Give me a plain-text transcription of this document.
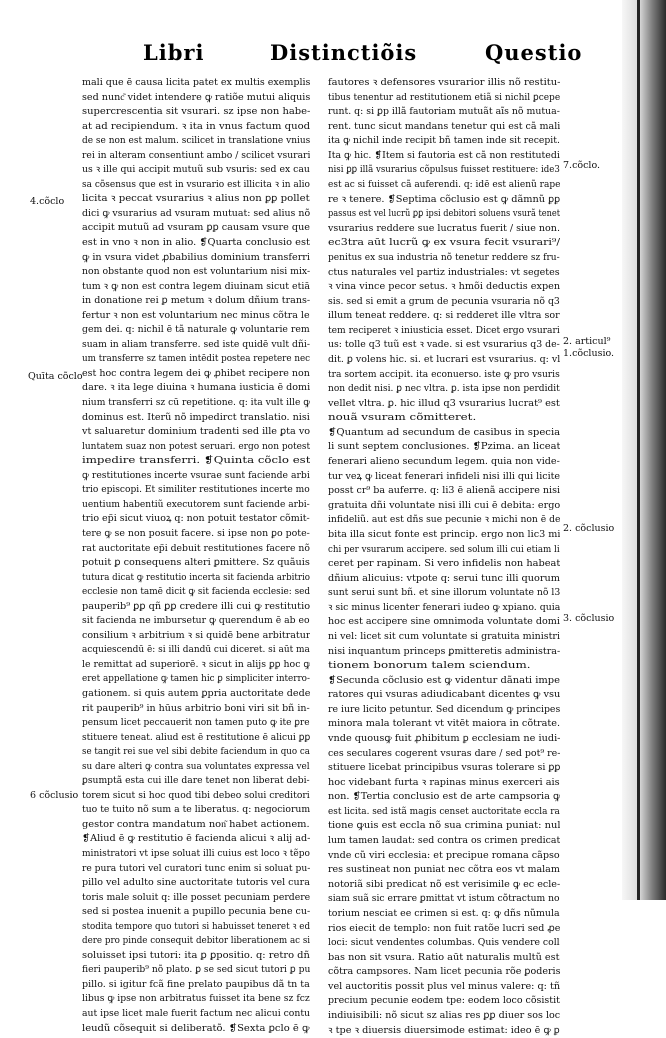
Libri	Distinctiõis	Questio
4.cõclo
Quīta cõclo
6 cõclusio
7.cõclo.
2. articul⁹
1.cõclusio.
2. cõclusio
3. cõclusio
mali que ē causa licita patet ex multis exemplis
sed nunc͂ videt intendere ꝙ ratiõe mutui aliquis
supercrescentia sit vsurari. sz ipse non habe-
at ad recipiendum. ꝛ ita in vnus factum quod
de se non est malum. scilicet in translatione vnius
rei in alteram consentiunt ambo / scilicet vsurari
us ꝛ ille qui accipit mutuũ sub vsuris: sed ex cau
sa cõsensus que est in vsurario est illicita ꝛ in alio
licita ꝛ peccat vsurarius ꝛ alius non ꝑꝑ pollet
dici ꝙ vsurarius ad vsuram mutuat: sed alius nõ
accipit mutuũ ad vsuram ꝑꝑ causam vsure que
est in vno ꝛ non in alio. ❡Quarta conclusio est
ꝙ in vsura videt ꝓbabilius dominium transferri
non obstante quod non est voluntarium nisi mix-
tum ꝛ ꝙ non est contra legem diuinam sicut etiā
in donatione rei ꝑ metum ꝛ dolum dñium trans-
fertur ꝛ non est voluntarium nec minus cõtra le
gem dei. q: nichil ē tã naturale ꝙ voluntarie rem
suam in aliam transferre. sed iste quidē vult dñi-
um transferre sz tamen intēdit postea repetere nec
est hoc contra legem dei ꝙ ꝓhibet recipere non
dare. ꝛ ita lege diuina ꝛ humana iusticia ē domi
nium transferri sz cū repetitione. q: ita vult ille ꝙ
dominus est. Iterũ nõ impedirct translatio. nisi
vt saluaretur dominium tradenti sed ille ꝑta vo
luntatem suaz non potest seruari. ergo non potest
impedire transferri. ❡Quinta cõclo est
ꝙ restitutiones incerte vsurae sunt faciende arbi
trio episcopi. Et similiter restitutiones incerte mo
uentium habentiũ executorem sunt faciende arbi-
trio ep̃i sicut viuoꝝ q: non potuit testator cõmit-
tere ꝙ se non posuit facere. si ipse non ꝑo pote-
rat auctoritate ep̃i debuit restitutiones facere nõ
potuit ꝑ consequens alteri ꝑmittere. Sz quãuis
tutura dicat ꝙ restitutio incerta sit facienda arbitrio
ecclesie non tamē dicit ꝙ sit facienda ecclesie: sed
pauperib⁹ ꝑꝑ qñ ꝑꝑ credere illi cui ꝙ restitutio
sit facienda ne imbursetur ꝙ querendum ē ab eo
consilium ꝛ arbitrium ꝛ si quidē bene arbitratur
acquiescendū ē: si illi dandū cui diceret. si aūt ma
le remittat ad superiorē. ꝛ sicut in alijs ꝑꝑ hoc ꝙ
eret appellatione ꝙ tamen hic ꝑ simpliciter interro-
gationem. si quis autem ꝑpria auctoritate dede
rit pauperib⁹ in hūus arbitrio boni viri sit bñ in-
pensum licet peccauerit non tamen puto ꝙ ite ꝑre
stituere teneat. aliud est ē restitutione ē alicui ꝑꝑ
se tangit rei sue vel sibi debite faciendum in quo ca
su dare alteri ꝙ contra sua voluntates expressa vel
ꝑsumptã esta cui ille dare tenet non liberat debi-
torem sicut si hoc quod tibi debeo solui creditori
tuo te tuito nõ sum a te liberatus. q: negociorum
gestor contra mandatum non͂ habet actionem.
❡Aliud ē ꝙ restitutio ē facienda alicui ꝛ alij ad-
ministratori vt ipse soluat illi cuius est loco ꝛ tẽpo
re pura tutori vel curatori tunc enim si soluat pu-
pillo vel adulto sine auctoritate tutoris vel cura
toris male soluit q: ille posset pecuniam perdere
sed si postea inuenit a pupillo pecunia bene cu-
stodita tempore quo tutori si habuisset teneret ꝛ ed
dere pro pinde consequit debitor liberationem ac si
soluisset ipsi tutori: ita ꝑ ꝑpositio. q: retro dñ
fieri pauperib⁹ nõ plato. ꝑ se sed sicut tutori ꝑ pu
pillo. si igitur fcã fine prelato paupibus dã tn ta
libus ꝙ ipse non arbitratus fuisset ita bene sz fcz
aut ipse licet male fuerit factum nec alicui contu
leudũ cõsequit si deliberatõ. ❡Sexta ꝑclo ē ꝙ
fautores ꝛ defensores vsurarior illis nõ restitu-
tibus tenentur ad restitutionem etiã si nichil ꝑcepe
runt. q: si ꝑp illã fautoriam mutuãt aĩs nõ mutua-
rent. tunc sicut mandans tenetur qui est cã mali
ita ꝙ nichil inde recipit bñ tamen inde sit recepit.
Ita ꝙ hic. ❡Item si fautoria est cã non restitutedi
nisi ꝑꝑ illã vsurarius cõpulsus fuisset restituere: ide3
est ac si fuisset cã auferendi. q: idē est alienũ rape
re ꝛ tenere. ❡Septima cõclusio est ꝙ dãmnũ ꝑꝑ
passus est vel lucrũ ꝑꝑ ipsi debitori soluens vsurã tenet
vsurarius reddere sue lucratus fuerit / siue non.
ec3tra aūt lucrũ ꝙ ex vsura fecit vsurari⁹/
penitus ex sua industria nõ tenetur reddere sz fru-
ctus naturales vel partiz industriales: vt segetes
ꝛ vina vince pecor setus. ꝛ hmõi deductis expen
sis. sed si emit a grum de pecunia vsuraria nõ q3
illum teneat reddere. q: si redderet ille vltra sor
tem reciperet ꝛ iniusticia esset. Dicet ergo vsurari
us: tolle q3 tuũ est ꝛ vade. si est vsurarius q3 de-
dit. ꝑ volens hic. si. et lucrari est vsurarius. q: vl
tra sortem accipit. ita econuerso. iste ꝙ pro vsuris
non dedit nisi. ꝑ nec vltra. ꝑ. ista ipse non perdidit
vellet vltra. ꝑ. hic illud q3 vsurarius lucrat⁹ est
nouã vsuram cõmitteret.
❡Quantum ad secundum de casibus in specia
li sunt septem conclusiones. ❡Pzima. an liceat
fenerari alieno secundum legem. quia non vide-
tur veꝝ ꝙ liceat fenerari infideli nisi illi qui licite
posst cr⁹ ba auferre. q: li3 ē alienã accipere nisi
gratuita dñi voluntate nisi illi cui ē debita: ergo
infideliũ. aut est dñs sue pecunie ꝛ michi non ē de
bita illa sicut fonte est princip. ergo non lic3 mi
chi per vsurarum accipere. sed solum illi cui etiam li
ceret per rapinam. Si vero infidelis non habeat
dñium alicuius: vtpote q: serui tunc illi quorum
sunt serui sunt bñ. et sine illorum voluntate nõ l3
ꝛ sic minus licenter fenerari iudeo ꝙ xpiano. quia
hoc est accipere sine omnimoda voluntate domi
ni vel: licet sit cum voluntate si gratuita ministri
nisi inquantum princeps ꝑmitteretis administra-
tionem bonorum talem sciendum.
❡Secunda cõclusio est ꝙ videntur dãnati impe
ratores qui vsuras adiudicabant dicentes ꝙ vsu
re iure licito petuntur. Sed dicendum ꝙ principes
minora mala tolerant vt vitēt maiora in cõtrate.
vnde quousꝙ fuit ꝓhibitum ꝑ ecclesiam ne iudi-
ces seculares cogerent vsuras dare / sed pot⁹ re-
stituere licebat principibus vsuras tolerare si ꝑꝑ
hoc videbant furta ꝛ rapinas minus exerceri ais
non. ❡Tertia conclusio est de arte campsoria ꝙ
est licita. sed istã magis censet auctoritate eccla ra
tione ꝙuis est eccla nõ sua crimina puniat: nul
lum tamen laudat: sed contra os crimen predicat
vnde cũ viri ecclesia: et precipue romana cãpso
res sustineat non puniat nec cõtra eos vt malam
notoriã sibi predicat nõ est verisimile ꝙ ec ecle-
siam suã sic errare ꝑmittat vt istum cõtractum no
torium nesciat ee crimen si est. q: ꝙ dñs nũmula
rios eiecit de templo: non fuit ratõe lucri sed ꝓe
loci: sicut vendentes columbas. Quis vendere coll
bas non sit vsura. Ratio aūt naturalis multũ est
cõtra campsores. Nam licet pecunia rõe ꝑoderis
vel auctoritis possit plus vel minus valere: q: tñ
precium pecunie eodem tpe: eodem loco cõsistit
indiuisibili: nõ sicut sz alias res ꝑꝑ diuer sos loc
ꝛ tpe ꝛ diuersis diuersimode estimat: ideo ē ꝙ ꝑ
